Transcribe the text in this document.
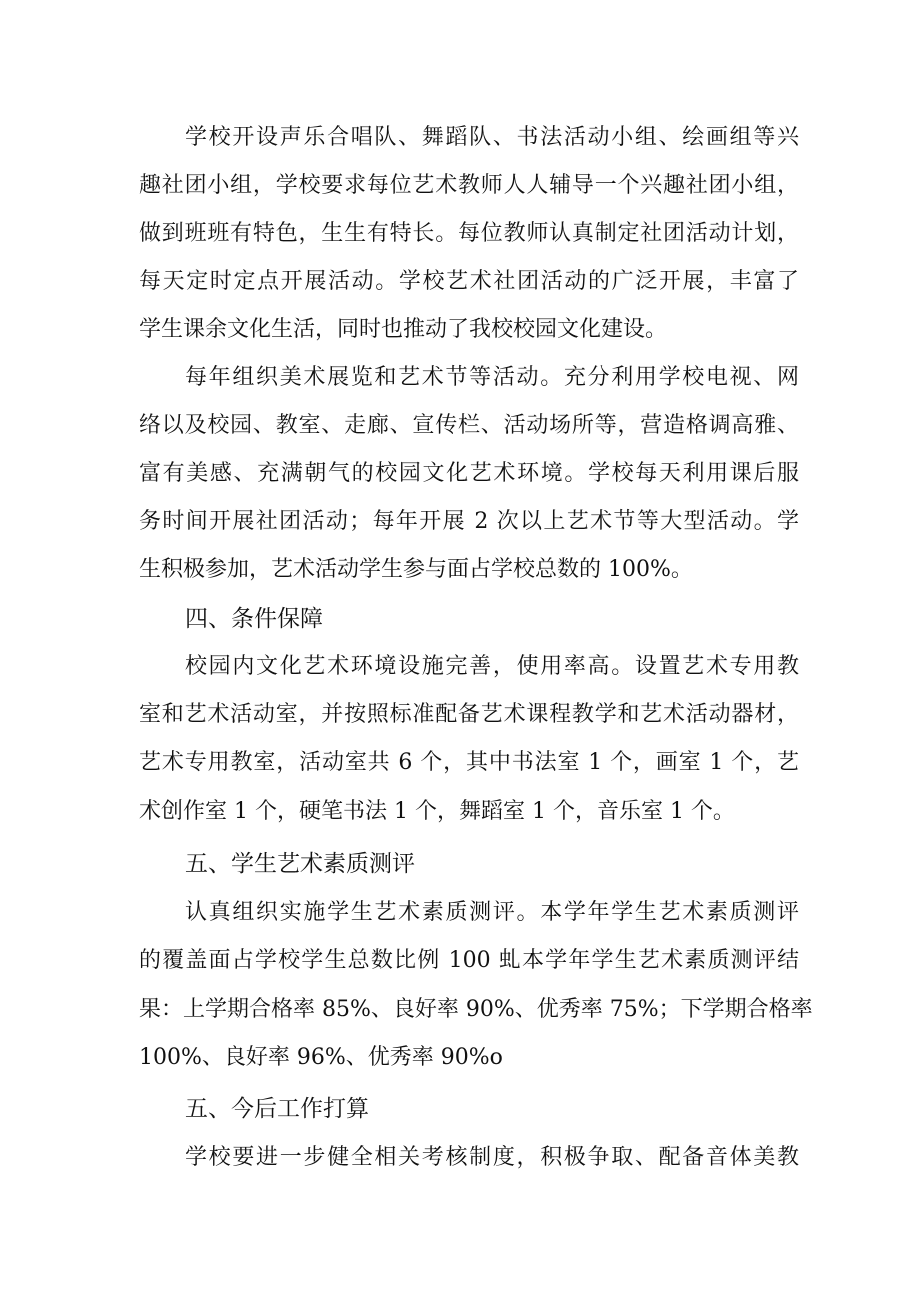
学校开设声乐合唱队、舞蹈队、书法活动小组、绘画组等兴
趣社团小组，学校要求每位艺术教师人人辅导一个兴趣社团小组，
做到班班有特色，生生有特长。每位教师认真制定社团活动计划，
每天定时定点开展活动。学校艺术社团活动的广泛开展，丰富了
学生课余文化生活，同时也推动了我校校园文化建设。
每年组织美术展览和艺术节等活动。充分利用学校电视、网
络以及校园、教室、走廊、宣传栏、活动场所等，营造格调高雅、
富有美感、充满朝气的校园文化艺术环境。学校每天利用课后服
务时间开展社团活动；每年开展 2 次以上艺术节等大型活动。学
生积极参加，艺术活动学生参与面占学校总数的 100%。
四、条件保障
校园内文化艺术环境设施完善，使用率高。设置艺术专用教
室和艺术活动室，并按照标准配备艺术课程教学和艺术活动器材，
艺术专用教室，活动室共 6 个，其中书法室 1 个，画室 1 个，艺
术创作室 1 个，硬笔书法 1 个，舞蹈室 1 个，音乐室 1 个。
五、学生艺术素质测评
认真组织实施学生艺术素质测评。本学年学生艺术素质测评
的覆盖面占学校学生总数比例 100 虬本学年学生艺术素质测评结
果：上学期合格率 85%、良好率 90%、优秀率 75%；下学期合格率
100%、良好率 96%、优秀率 90%o
五、今后工作打算
学校要进一步健全相关考核制度，积极争取、配备音体美教
